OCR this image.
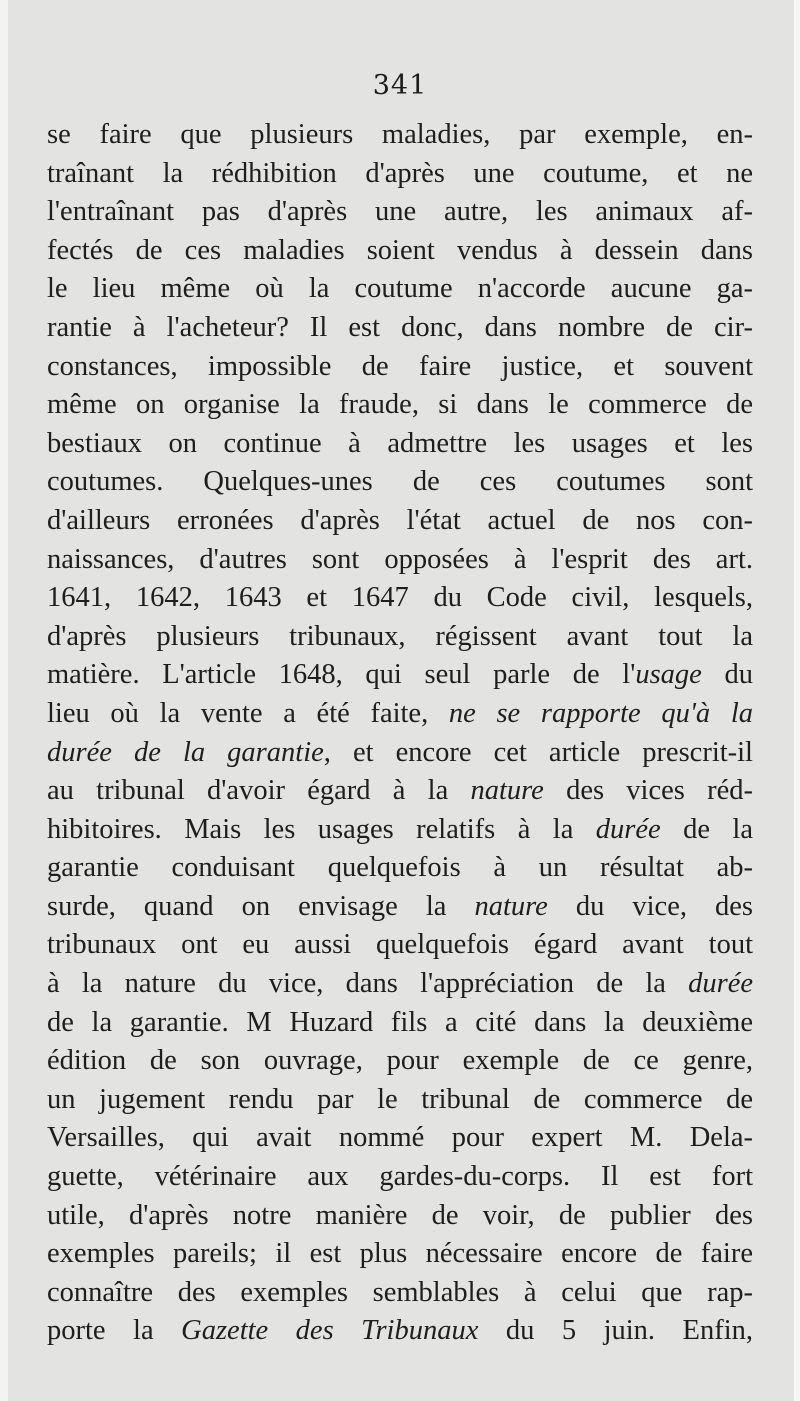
341
se faire que plusieurs maladies, par exemple, en-
traînant la rédhibition d'après une coutume, et ne
l'entraînant pas d'après une autre, les animaux af-
fectés de ces maladies soient vendus à dessein dans
le lieu même où la coutume n'accorde aucune ga-
rantie à l'acheteur? Il est donc, dans nombre de cir-
constances, impossible de faire justice, et souvent
même on organise la fraude, si dans le commerce de
bestiaux on continue à admettre les usages et les
coutumes. Quelques-unes de ces coutumes sont
d'ailleurs erronées d'après l'état actuel de nos con-
naissances, d'autres sont opposées à l'esprit des art.
1641, 1642, 1643 et 1647 du Code civil, lesquels,
d'après plusieurs tribunaux, régissent avant tout la
matière. L'article 1648, qui seul parle de l'usage du
lieu où la vente a été faite, ne se rapporte qu'à la
durée de la garantie, et encore cet article prescrit-il
au tribunal d'avoir égard à la nature des vices réd-
hibitoires. Mais les usages relatifs à la durée de la
garantie conduisant quelquefois à un résultat ab-
surde, quand on envisage la nature du vice, des
tribunaux ont eu aussi quelquefois égard avant tout
à la nature du vice, dans l'appréciation de la durée
de la garantie. M Huzard fils a cité dans la deuxième
édition de son ouvrage, pour exemple de ce genre,
un jugement rendu par le tribunal de commerce de
Versailles, qui avait nommé pour expert M. Dela-
guette, vétérinaire aux gardes-du-corps. Il est fort
utile, d'après notre manière de voir, de publier des
exemples pareils; il est plus nécessaire encore de faire
connaître des exemples semblables à celui que rap-
porte la Gazette des Tribunaux du 5 juin. Enfin,
